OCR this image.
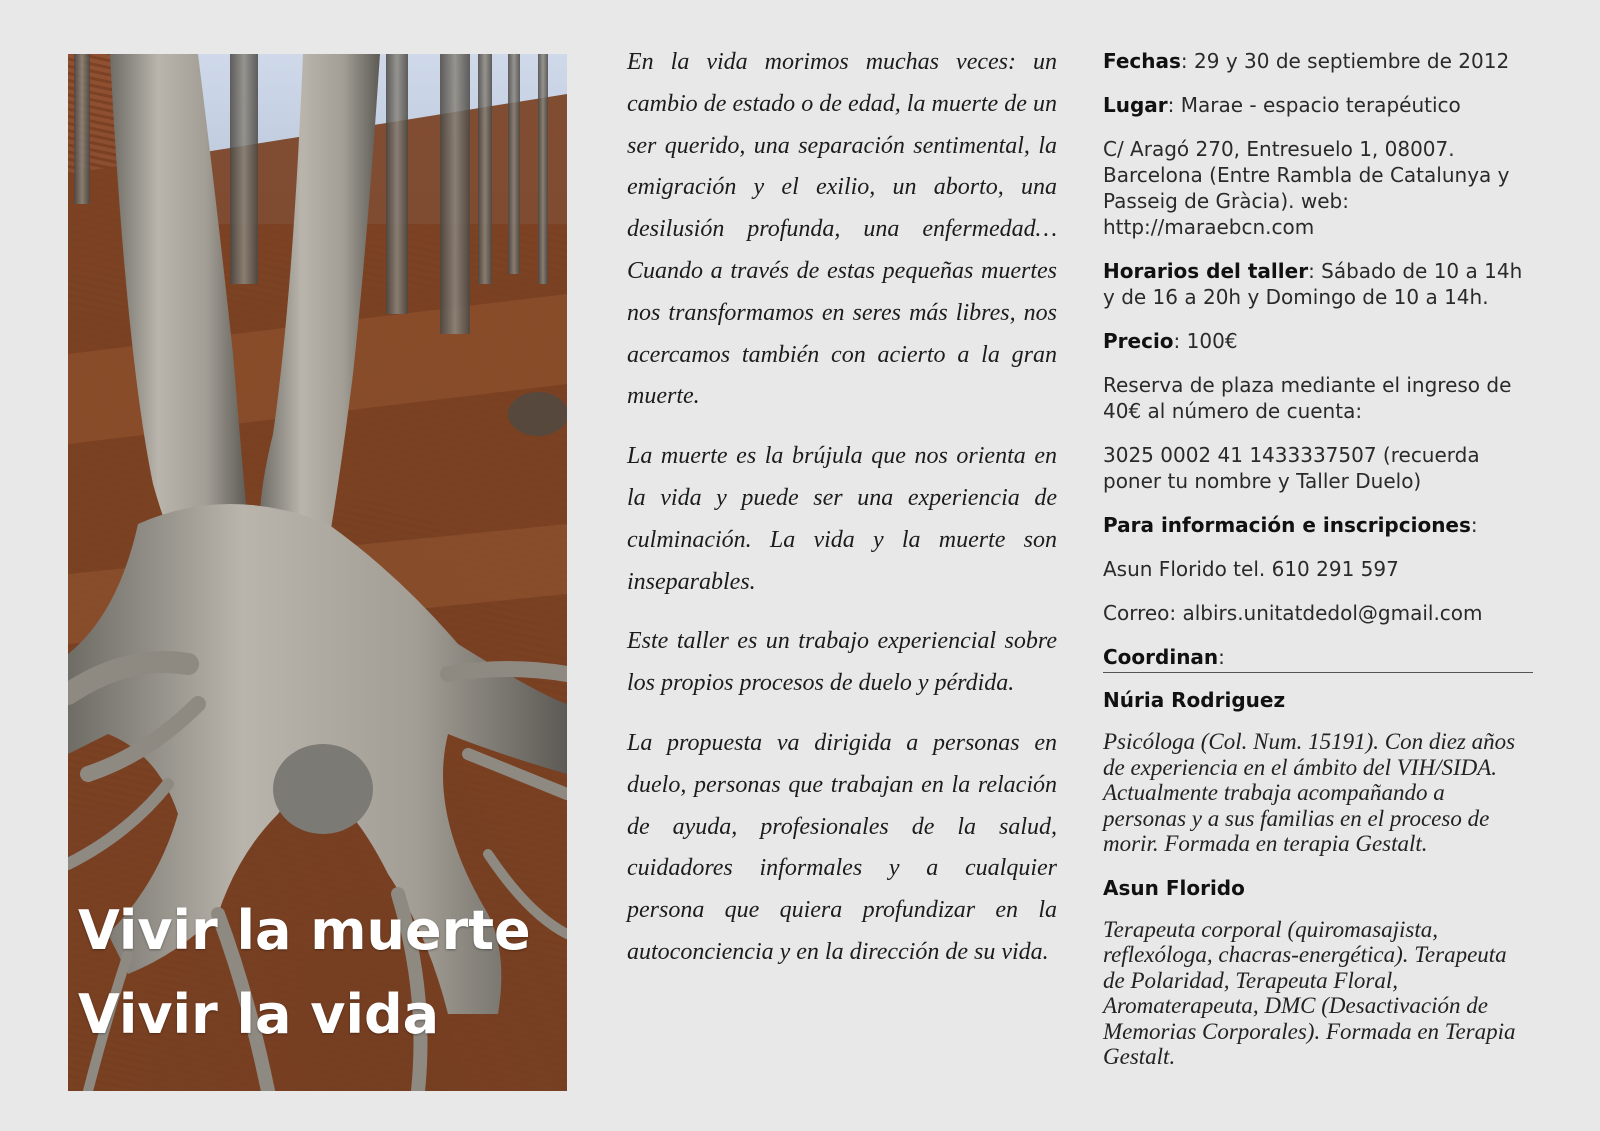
Vivir la muerte
Vivir la vida

En la vida morimos muchas veces: un cambio de estado o de edad, la muerte de un ser querido, una separación sentimental, la emigración y el exilio, un aborto, una desilusión profunda, una enfermedad… Cuando a través de estas pequeñas muertes nos transformamos en seres más libres, nos acercamos también con acierto a la gran muerte.

La muerte es la brújula que nos orienta en la vida y puede ser una experiencia de culminación. La vida y la muerte son inseparables.

Este taller es un trabajo experiencial sobre los propios procesos de duelo y pérdida.

La propuesta va dirigida a personas en duelo, personas que trabajan en la relación de ayuda, profesionales de la salud, cuidadores informales y a cualquier persona que quiera profundizar en la autoconciencia y en la dirección de su vida.

Fechas: 29 y 30 de septiembre de 2012
Lugar: Marae - espacio terapéutico
C/ Aragó 270, Entresuelo 1, 08007. Barcelona (Entre Rambla de Catalunya y Passeig de Gràcia). web: http://maraebcn.com
Horarios del taller: Sábado de 10 a 14h y de 16 a 20h y Domingo de 10 a 14h.
Precio: 100€
Reserva de plaza mediante el ingreso de 40€ al número de cuenta:
3025 0002 41 1433337507 (recuerda poner tu nombre y Taller Duelo)
Para información e inscripciones:
Asun Florido tel. 610 291 597
Correo: albirs.unitatdedol@gmail.com
Coordinan:
Núria Rodriguez
Psicóloga (Col. Num. 15191). Con diez años de experiencia en el ámbito del VIH/SIDA. Actualmente trabaja acompañando a personas y a sus familias en el proceso de morir. Formada en terapia Gestalt.
Asun Florido
Terapeuta corporal (quiromasajista, reflexóloga, chacras-energética). Terapeuta de Polaridad, Terapeuta Floral, Aromaterapeuta, DMC (Desactivación de Memorias Corporales). Formada en Terapia Gestalt.
